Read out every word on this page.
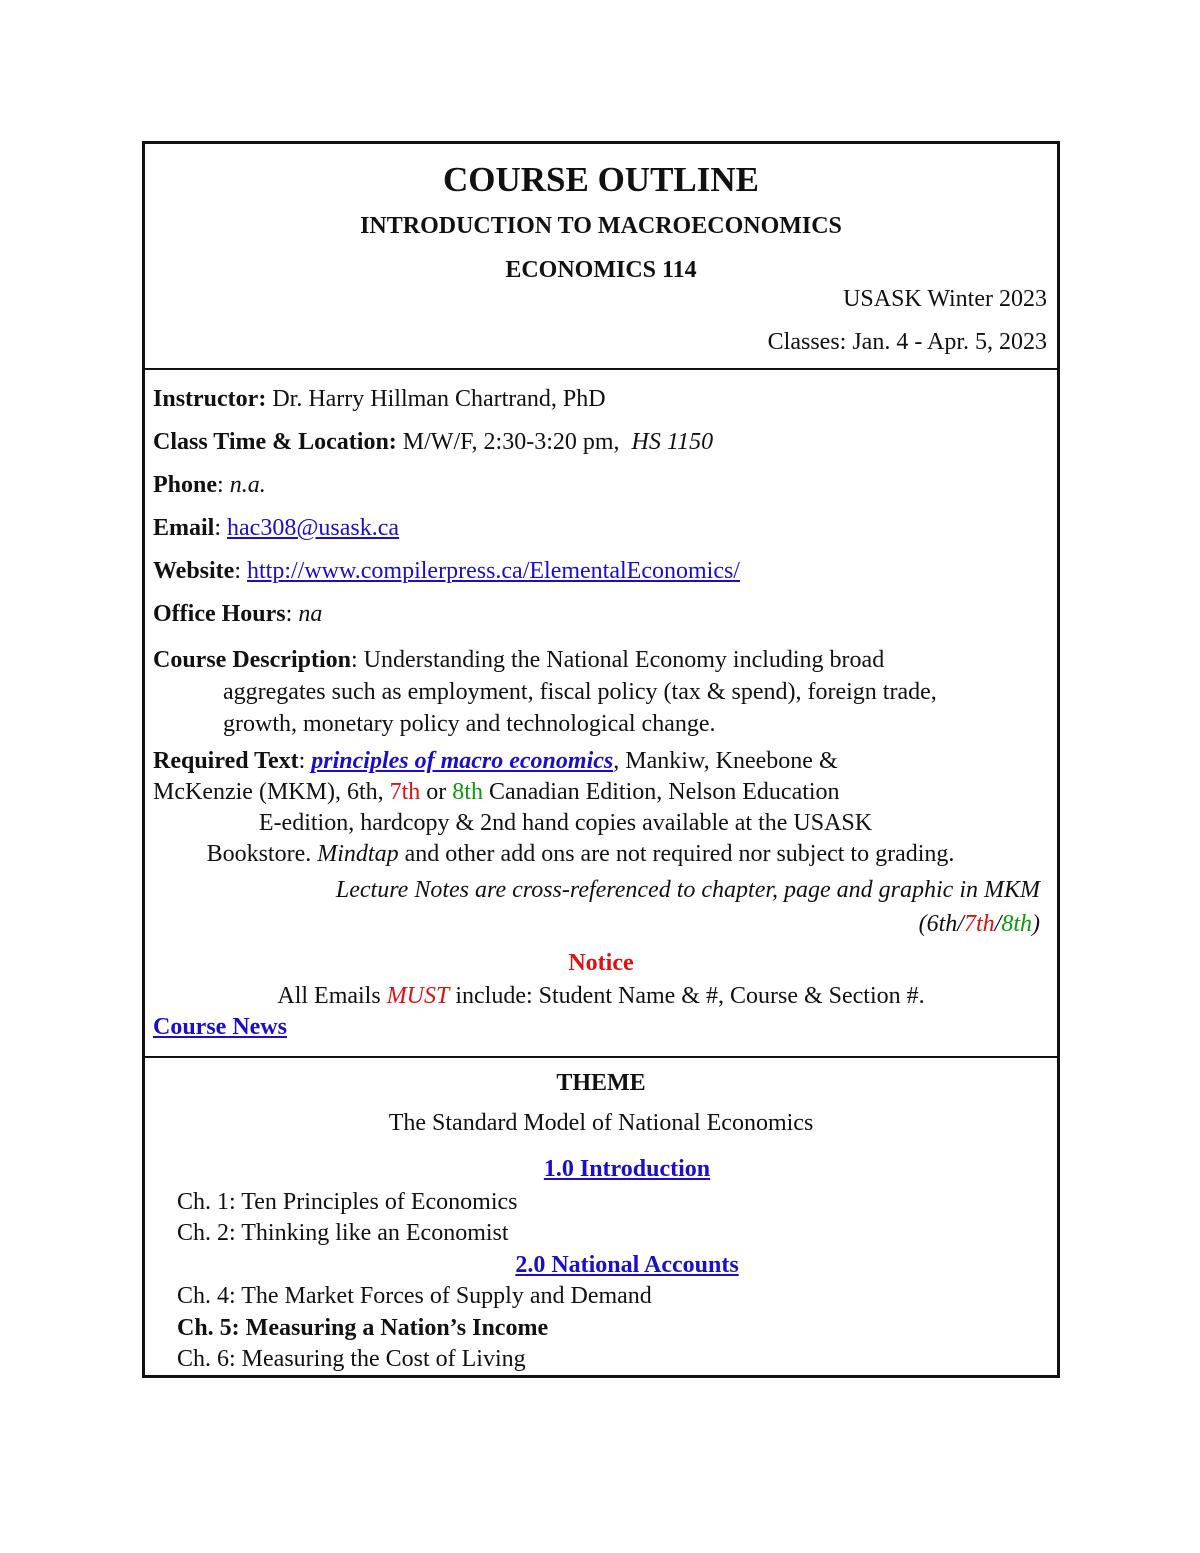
COURSE OUTLINE
INTRODUCTION TO MACROECONOMICS
ECONOMICS 114
USASK Winter 2023
Classes: Jan. 4 - Apr. 5, 2023
Instructor: Dr. Harry Hillman Chartrand, PhD
Class Time & Location: M/W/F, 2:30-3:20 pm, HS 1150
Phone: n.a.
Email: hac308@usask.ca
Website: http://www.compilerpress.ca/ElementalEconomics/
Office Hours: na
Course Description: Understanding the National Economy including broad
aggregates such as employment, fiscal policy (tax & spend), foreign trade,
growth, monetary policy and technological change.
Required Text: principles of macro economics, Mankiw, Kneebone &
McKenzie (MKM), 6th, 7th or 8th Canadian Edition, Nelson Education
E-edition, hardcopy & 2nd hand copies available at the USASK
Bookstore. Mindtap and other add ons are not required nor subject to grading.
Lecture Notes are cross-referenced to chapter, page and graphic in MKM
(6th/7th/8th)
Notice
All Emails MUST include: Student Name & #, Course & Section #.
Course News
THEME
The Standard Model of National Economics
1.0 Introduction
Ch. 1: Ten Principles of Economics
Ch. 2: Thinking like an Economist
2.0 National Accounts
Ch. 4: The Market Forces of Supply and Demand
Ch. 5: Measuring a Nation’s Income
Ch. 6: Measuring the Cost of Living
